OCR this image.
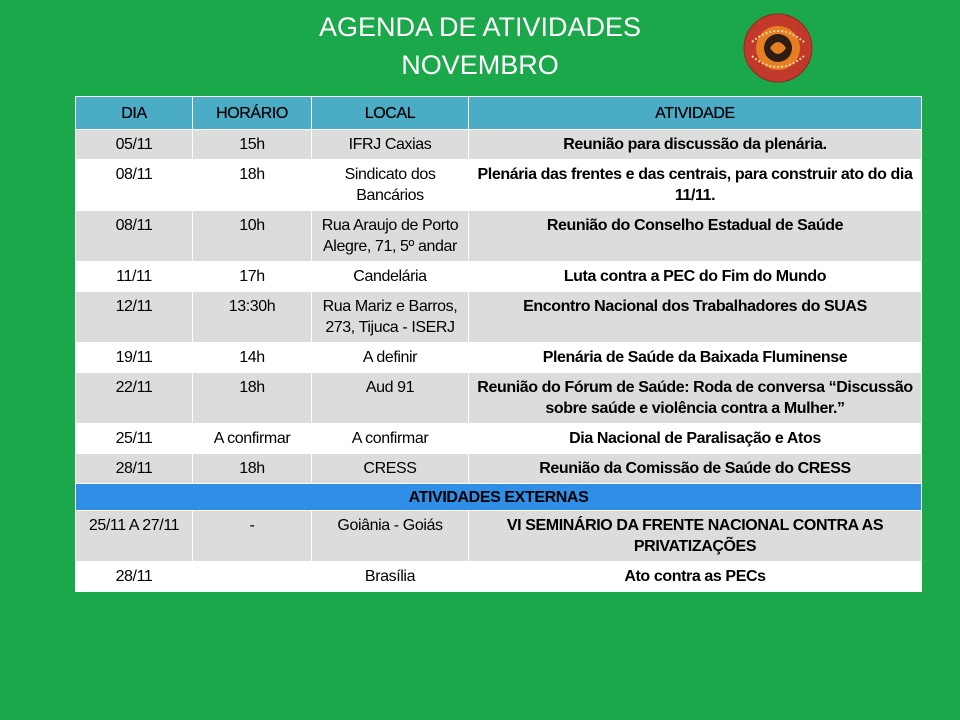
AGENDA DE ATIVIDADES
NOVEMBRO
DIA	HORÁRIO	LOCAL	ATIVIDADE
05/11	15h	IFRJ Caxias	Reunião para discussão da plenária.
08/11	18h	Sindicato dos Bancários	Plenária das frentes e das centrais, para construir ato do dia 11/11.
08/11	10h	Rua Araujo de Porto Alegre, 71, 5º andar	Reunião do Conselho Estadual de Saúde
11/11	17h	Candelária	Luta contra a PEC do Fim do Mundo
12/11	13:30h	Rua Mariz e Barros, 273, Tijuca - ISERJ	Encontro Nacional dos Trabalhadores do SUAS
19/11	14h	A definir	Plenária de Saúde da Baixada Fluminense
22/11	18h	Aud 91	Reunião do Fórum de Saúde: Roda de conversa “Discussão sobre saúde e violência contra a Mulher.”
25/11	A confirmar	A confirmar	Dia Nacional de Paralisação e Atos
28/11	18h	CRESS	Reunião da Comissão de Saúde do CRESS
ATIVIDADES EXTERNAS			
25/11 A 27/11	-	Goiânia - Goiás	VI SEMINÁRIO DA FRENTE NACIONAL CONTRA AS PRIVATIZAÇÕES
28/11		Brasília	Ato contra as PECs
